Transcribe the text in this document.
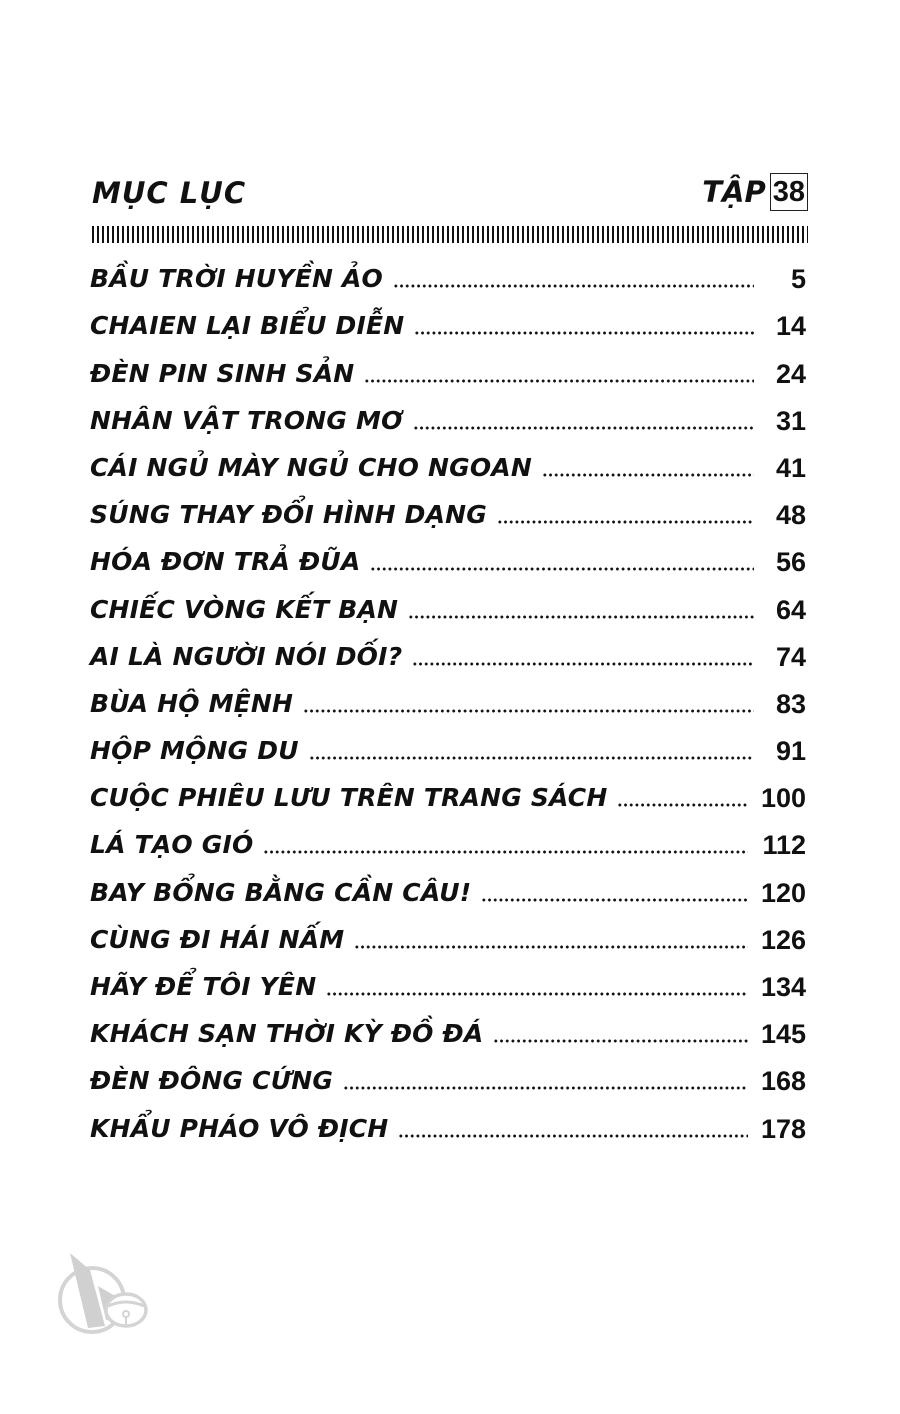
MỤC LỤC	TẬP 38
BẦU TRỜI HUYỀN ẢO	5
CHAIEN LẠI BIỂU DIỄN	14
ĐÈN PIN SINH SẢN	24
NHÂN VẬT TRONG MƠ	31
CÁI NGỦ MÀY NGỦ CHO NGOAN	41
SÚNG THAY ĐỔI HÌNH DẠNG	48
HÓA ĐƠN TRẢ ĐŨA	56
CHIẾC VÒNG KẾT BẠN	64
AI LÀ NGƯỜI NÓI DỐI?	74
BÙA HỘ MỆNH	83
HỘP MỘNG DU	91
CUỘC PHIÊU LƯU TRÊN TRANG SÁCH	100
LÁ TẠO GIÓ	112
BAY BỔNG BẰNG CẦN CÂU!	120
CÙNG ĐI HÁI NẤM	126
HÃY ĐỂ TÔI YÊN	134
KHÁCH SẠN THỜI KỲ ĐỒ ĐÁ	145
ĐÈN ĐÔNG CỨNG	168
KHẨU PHÁO VÔ ĐỊCH	178
